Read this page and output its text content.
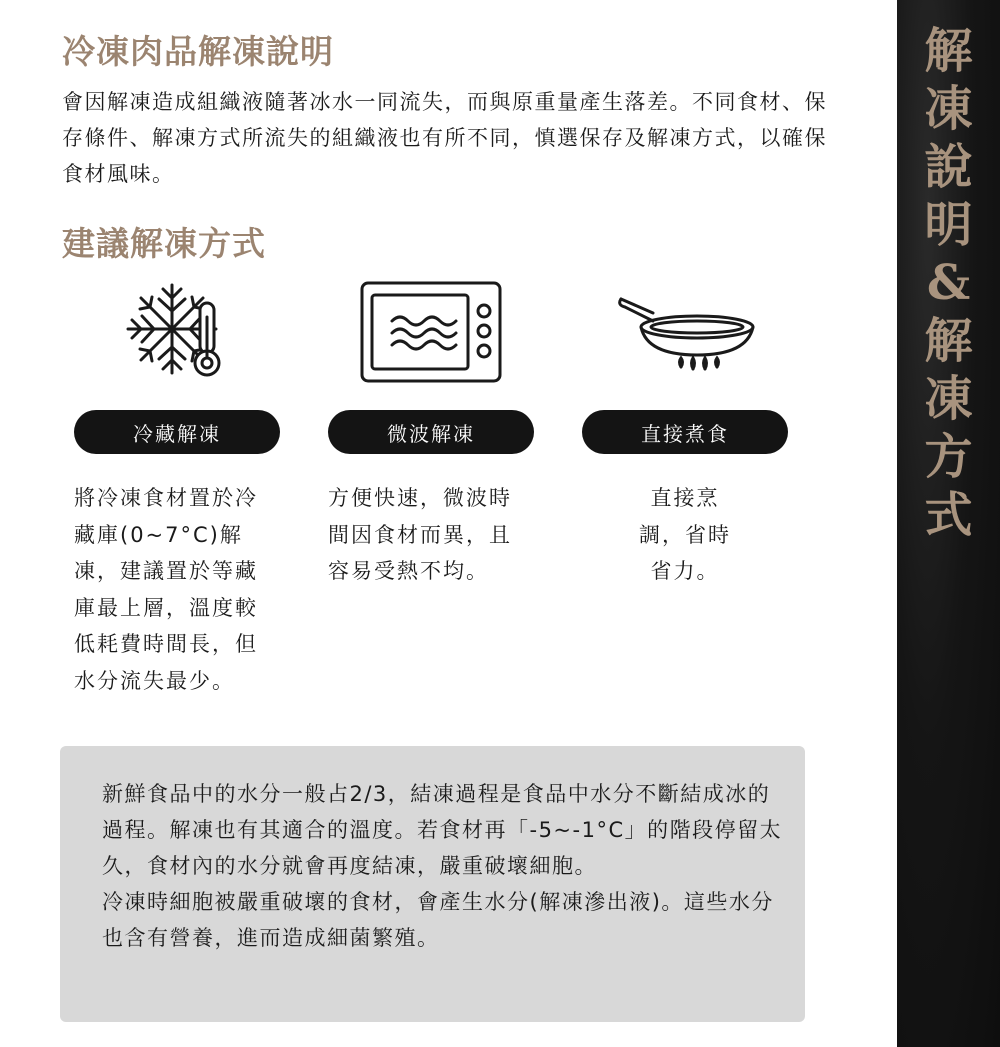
冷凍肉品解凍說明

會因解凍造成組織液隨著冰水一同流失，而與原重量產生落差。不同食材、保存條件、解凍方式所流失的組織液也有所不同，慎選保存及解凍方式，以確保食材風味。

建議解凍方式
冷藏解凍
將冷凍食材置於冷藏庫(0~7°C)解凍，建議置於等藏庫最上層，溫度較低耗費時間長，但水分流失最少。
微波解凍
方便快速，微波時間因食材而異，且容易受熱不均。
直接煮食
直接烹調，省時省力。

新鮮食品中的水分一般占2/3，結凍過程是食品中水分不斷結成冰的過程。解凍也有其適合的溫度。若食材再「-5~-1°C」的階段停留太久，食材內的水分就會再度結凍，嚴重破壞細胞。

冷凍時細胞被嚴重破壞的食材，會產生水分(解凍滲出液)。這些水分也含有營養，進而造成細菌繁殖。

解
凍
說
明
&
解
凍
方
式
